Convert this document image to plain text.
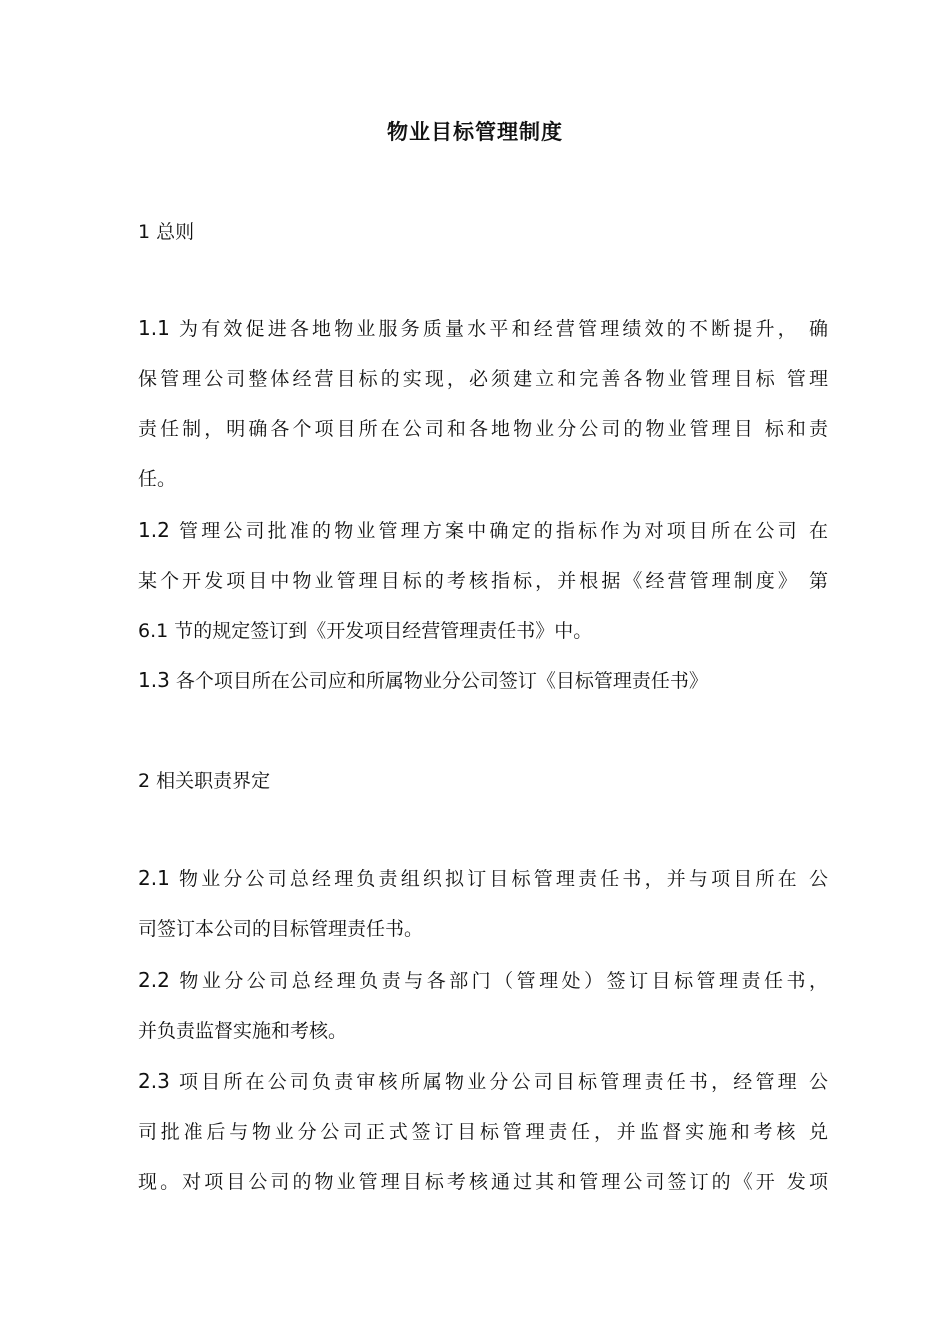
物业目标管理制度
1 总则
1.1 为有效促进各地物业服务质量水平和经营管理绩效的不断提升， 确
保管理公司整体经营目标的实现，必须建立和完善各物业管理目标 管理
责任制，明确各个项目所在公司和各地物业分公司的物业管理目 标和责
任。
1.2 管理公司批准的物业管理方案中确定的指标作为对项目所在公司 在
某个开发项目中物业管理目标的考核指标，并根据《经营管理制度》 第
6.1 节的规定签订到《开发项目经营管理责任书》中。
1.3 各个项目所在公司应和所属物业分公司签订《目标管理责任书》
2 相关职责界定
2.1 物业分公司总经理负责组织拟订目标管理责任书，并与项目所在 公
司签订本公司的目标管理责任书。
2.2 物业分公司总经理负责与各部门（管理处）签订目标管理责任书，
并负责监督实施和考核。
2.3 项目所在公司负责审核所属物业分公司目标管理责任书，经管理 公
司批准后与物业分公司正式签订目标管理责任，并监督实施和考核 兑
现。对项目公司的物业管理目标考核通过其和管理公司签订的《开 发项
